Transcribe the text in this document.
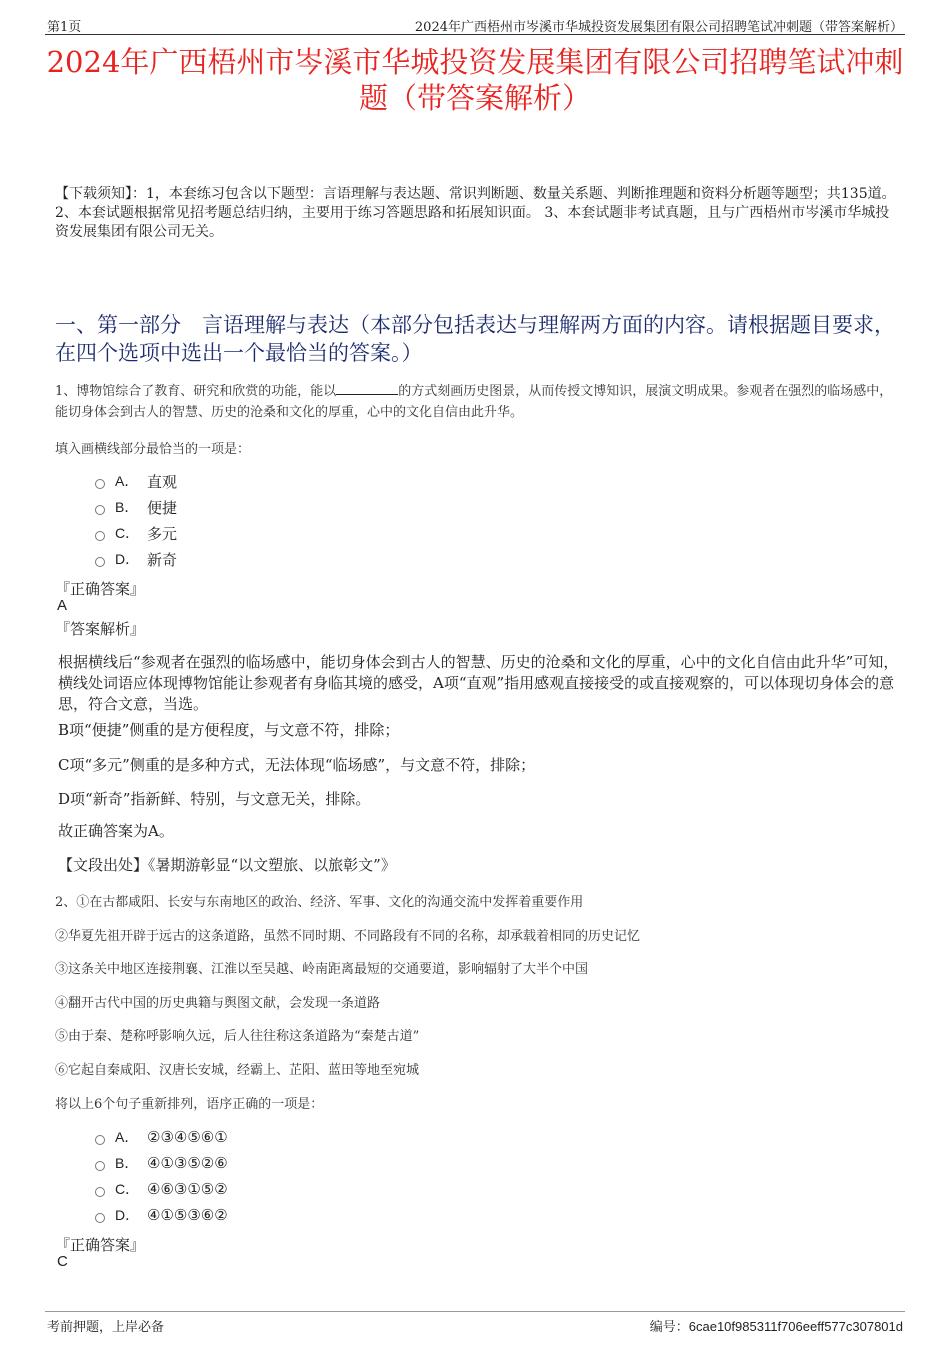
第1页	2024年广西梧州市岑溪市华城投资发展集团有限公司招聘笔试冲刺题（带答案解析）
2024年广西梧州市岑溪市华城投资发展集团有限公司招聘笔试冲刺题（带答案解析）
【下载须知】：1，本套练习包含以下题型：言语理解与表达题、常识判断题、数量关系题、判断推理题和资料分析题等题型；共135道。 2、本套试题根据常见招考题总结归纳，主要用于练习答题思路和拓展知识面。 3、本套试题非考试真题，且与广西梧州市岑溪市华城投资发展集团有限公司无关。
一、第一部分　言语理解与表达（本部分包括表达与理解两方面的内容。请根据题目要求，在四个选项中选出一个最恰当的答案。）
1、博物馆综合了教育、研究和欣赏的功能，能以	的方式刻画历史图景，从而传授文博知识，展演文明成果。参观者在强烈的临场感中，能切身体会到古人的智慧、历史的沧桑和文化的厚重，心中的文化自信由此升华。
填入画横线部分最恰当的一项是：
A． 直观
B． 便捷
C． 多元
D． 新奇
『正确答案』
A
『答案解析』
根据横线后“参观者在强烈的临场感中，能切身体会到古人的智慧、历史的沧桑和文化的厚重，心中的文化自信由此升华”可知，横线处词语应体现博物馆能让参观者有身临其境的感受，A项“直观”指用感观直接接受的或直接观察的，可以体现切身体会的意思，符合文意，当选。
B项“便捷”侧重的是方便程度，与文意不符，排除；
C项“多元”侧重的是多种方式，无法体现“临场感”，与文意不符，排除；
D项“新奇”指新鲜、特别，与文意无关，排除。
故正确答案为A。
【文段出处】《暑期游彰显“以文塑旅、以旅彰文”》
2、①在古都咸阳、长安与东南地区的政治、经济、军事、文化的沟通交流中发挥着重要作用
②华夏先祖开辟于远古的这条道路，虽然不同时期、不同路段有不同的名称，却承载着相同的历史记忆
③这条关中地区连接荆襄、江淮以至吴越、岭南距离最短的交通要道，影响辐射了大半个中国
④翻开古代中国的历史典籍与舆图文献，会发现一条道路
⑤由于秦、楚称呼影响久远，后人往往称这条道路为“秦楚古道”
⑥它起自秦咸阳、汉唐长安城，经霸上、芷阳、蓝田等地至宛城
将以上6个句子重新排列，语序正确的一项是：
A． ②③④⑤⑥①
B． ④①③⑤②⑥
C． ④⑥③①⑤②
D． ④①⑤③⑥②
『正确答案』
C
考前押题，上岸必备	编号：6cae10f985311f706eeff577c307801d
